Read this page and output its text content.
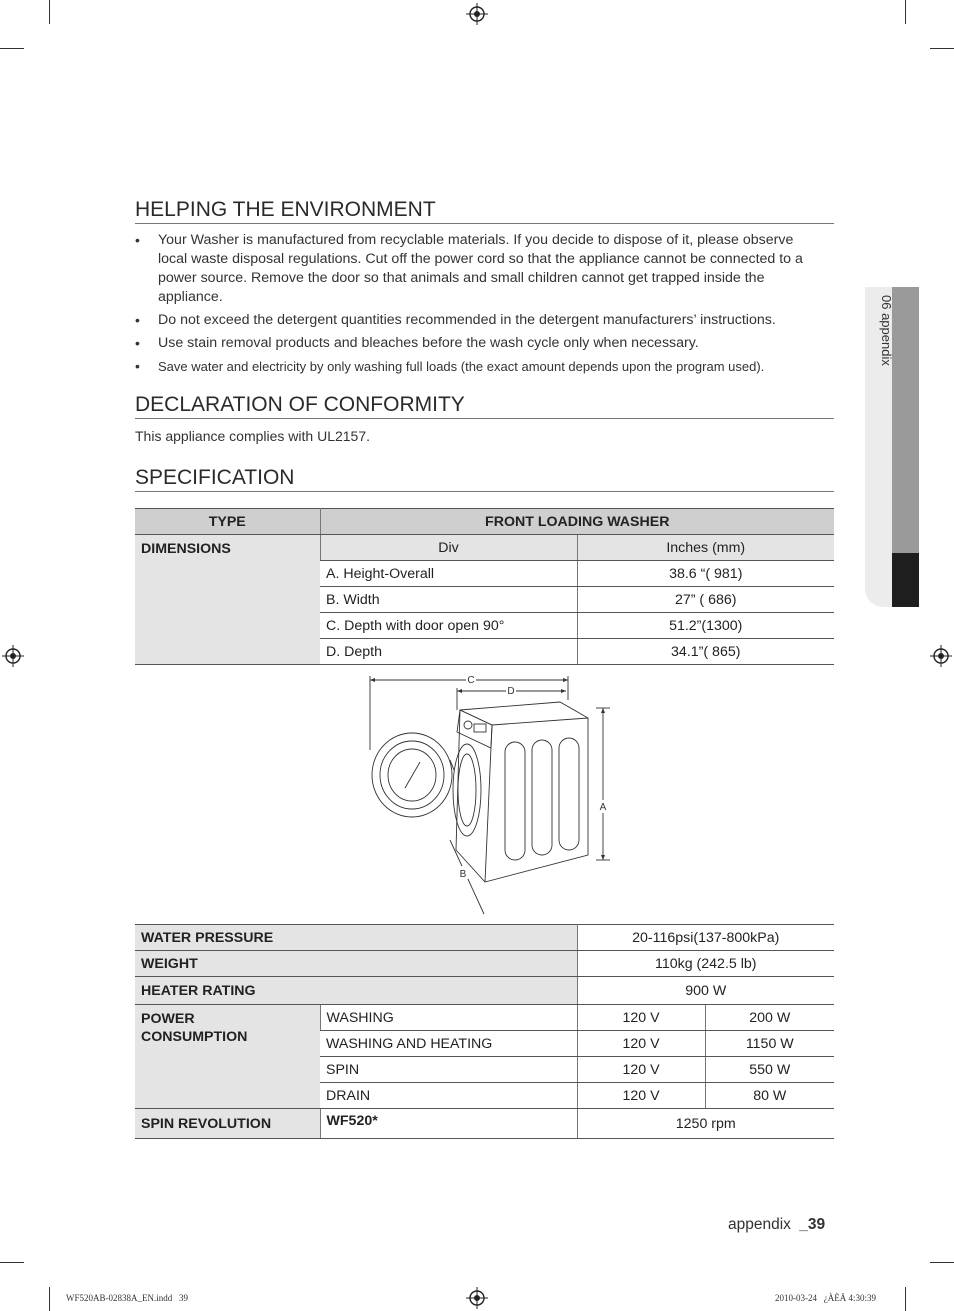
06 appendix
HELPING THE ENVIRONMENT
• Your Washer is manufactured from recyclable materials. If you decide to dispose of it, please observe local waste disposal regulations. Cut off the power cord so that the appliance cannot be connected to a power source. Remove the door so that animals and small children cannot get trapped inside the appliance.
• Do not exceed the detergent quantities recommended in the detergent manufacturers’ instructions.
• Use stain removal products and bleaches before the wash cycle only when necessary.
• Save water and electricity by only washing full loads (the exact amount depends upon the program used).
DECLARATION OF CONFORMITY
This appliance complies with UL2157.
SPECIFICATION
TYPE	FRONT LOADING WASHER	
DIMENSIONS	Div	Inches (mm)
	A. Height-Overall	38.6 “( 981)
	B. Width	27” ( 686)
	C. Depth with door open 90°	51.2”(1300)
	D. Depth	34.1”( 865)
C
D
A
B
WATER PRESSURE		20-116psi(137-800kPa)	
WEIGHT		110kg (242.5 lb)	
HEATER RATING		900 W	

POWER
CONSUMPTION	WASHING	120 V	200 W
	WASHING AND HEATING	120 V	1150 W
	SPIN	120 V	550 W
	DRAIN	120 V	80 W
SPIN REVOLUTION	WF520*	1250 rpm	
appendix _39
WF520AB-02838A_EN.indd   39	2010-03-24   ¿ÀÈÄ 4:30:39
